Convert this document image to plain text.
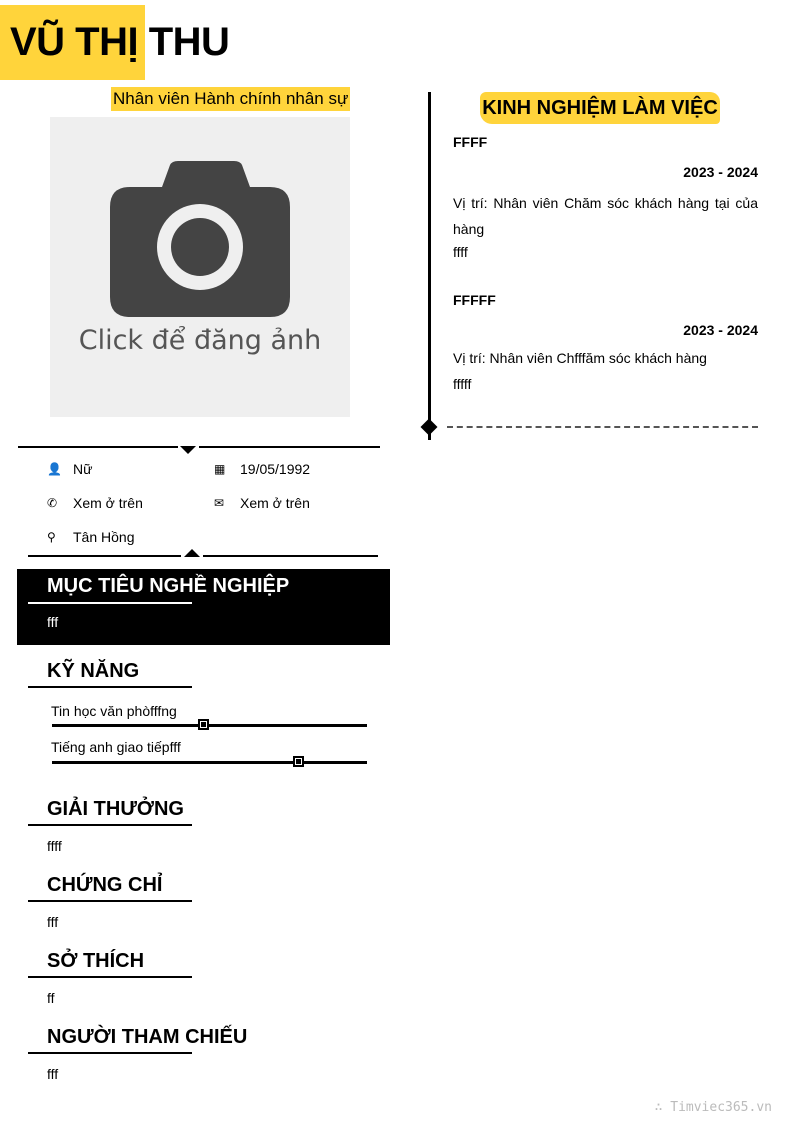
VŨ THỊ THU
Nhân viên Hành chính nhân sự
Click để đăng ảnh
👤 Nữ	▦	19/05/1992
✆	Xem ở trên	✉	Xem ở trên
⚲	Tân Hồng
MỤC TIÊU NGHỀ NGHIỆP
fff
KỸ NĂNG
Tin học văn phòfffng
Tiếng anh giao tiếpfff
GIẢI THƯỞNG
ffff
CHỨNG CHỈ
fff
SỞ THÍCH
ff
NGƯỜI THAM CHIẾU
fff
KINH NGHIỆM LÀM VIỆC
FFFF
2023 - 2024
Vị trí: Nhân viên Chăm sóc khách hàng tại của hàng
ffff
FFFFF
2023 - 2024
Vị trí: Nhân viên Chfffăm sóc khách hàng
fffff
∴ Timviec365.vn
